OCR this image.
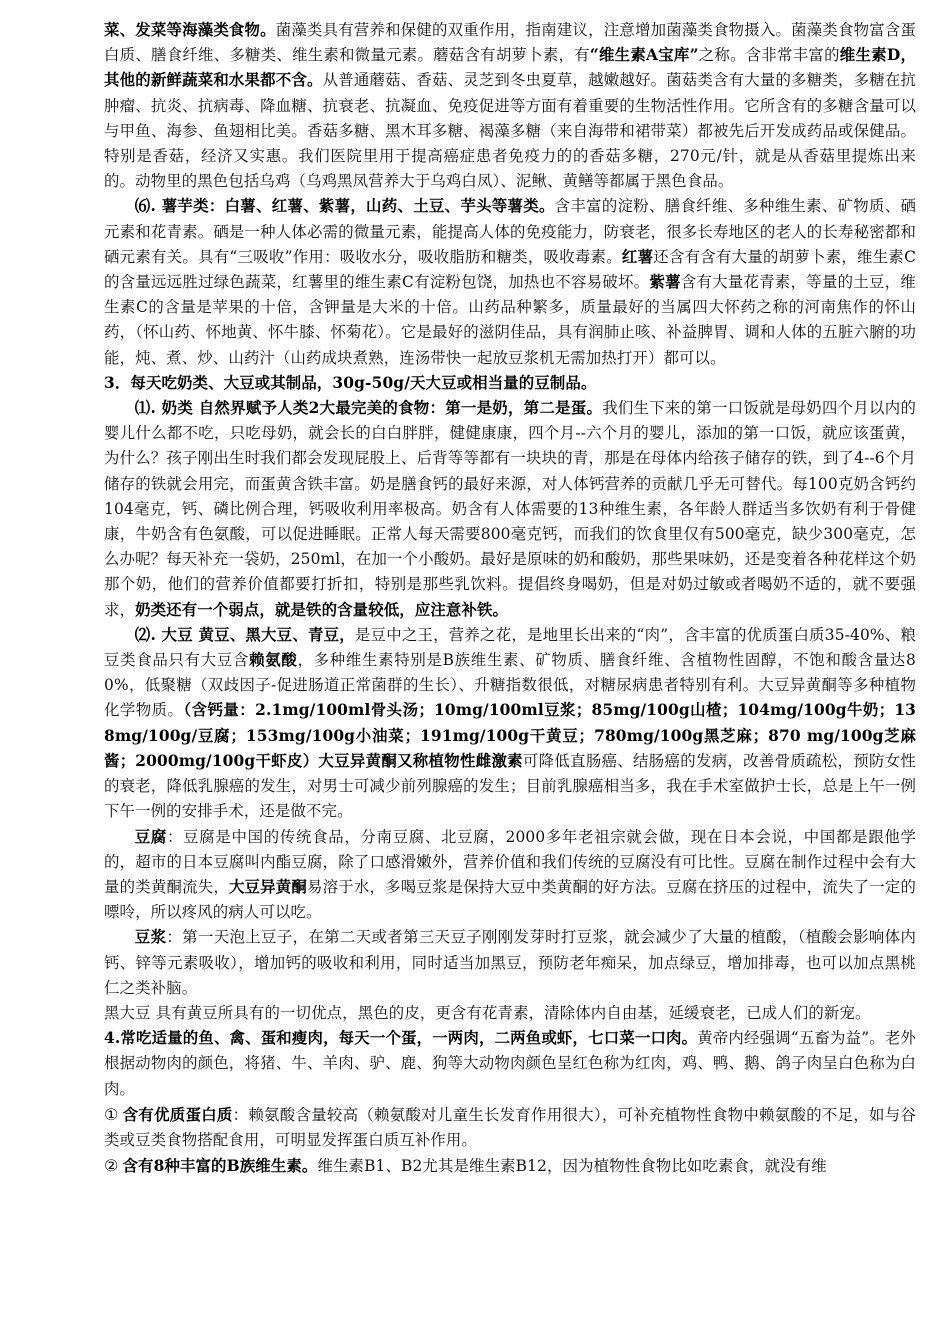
菜、发菜等海藻类食物。菌藻类具有营养和保健的双重作用，指南建议，注意增加菌藻类食物摄入。菌藻类食物富含蛋白质、膳食纤维、多糖类、维生素和微量元素。蘑菇含有胡萝卜素，有“维生素A宝库”之称。含非常丰富的维生素D，其他的新鲜蔬菜和水果都不含。从普通蘑菇、香菇、灵芝到冬虫夏草，越嫩越好。菌菇类含有大量的多糖类，多糖在抗肿瘤、抗炎、抗病毒、降血糖、抗衰老、抗凝血、免疫促进等方面有着重要的生物活性作用。它所含有的多糖含量可以与甲鱼、海参、鱼翅相比美。香菇多糖、黑木耳多糖、褐藻多糖（来自海带和裙带菜）都被先后开发成药品或保健品。特别是香菇，经济又实惠。我们医院里用于提高癌症患者免疫力的的香菇多糖，270元/针，就是从香菇里提炼出来的。动物里的黑色包括乌鸡（乌鸡黑凤营养大于乌鸡白凤）、泥鳅、黄鳝等都属于黑色食品。

⑹. 薯芋类：白薯、红薯、紫薯，山药、土豆、芋头等薯类。含丰富的淀粉、膳食纤维、多种维生素、矿物质、硒元素和花青素。硒是一种人体必需的微量元素，能提高人体的免疫能力，防衰老，很多长寿地区的老人的长寿秘密都和硒元素有关。具有“三吸收”作用：吸收水分，吸收脂肪和糖类，吸收毒素。红薯还含有含有大量的胡萝卜素，维生素C的含量远远胜过绿色蔬菜，红薯里的维生素C有淀粉包饶，加热也不容易破坏。紫薯含有大量花青素，等量的土豆，维生素C的含量是苹果的十倍，含钾量是大米的十倍。山药品种繁多，质量最好的当属四大怀药之称的河南焦作的怀山药，（怀山药、怀地黄、怀牛膝、怀菊花）。它是最好的滋阴佳品，具有润肺止咳、补益脾胃、调和人体的五脏六腑的功能，炖、煮、炒、山药汁（山药成块煮熟，连汤带快一起放豆浆机无需加热打开）都可以。

3．每天吃奶类、大豆或其制品，30g-50g/天大豆或相当量的豆制品。

⑴. 奶类 自然界赋予人类2大最完美的食物：第一是奶，第二是蛋。我们生下来的第一口饭就是母奶四个月以内的婴儿什么都不吃，只吃母奶，就会长的白白胖胖，健健康康，四个月--六个月的婴儿，添加的第一口饭，就应该蛋黄，为什么？孩子刚出生时我们都会发现屁股上、后背等等都有一块块的青，那是在母体内给孩子储存的铁，到了4--6个月储存的铁就会用完，而蛋黄含铁丰富。奶是膳食钙的最好来源，对人体钙营养的贡献几乎无可替代。每100克奶含钙约104毫克，钙、磷比例合理，钙吸收利用率极高。奶含有人体需要的13种维生素，各年龄人群适当多饮奶有利于骨健康，牛奶含有色氨酸，可以促进睡眠。正常人每天需要800毫克钙，而我们的饮食里仅有500毫克，缺少300毫克，怎么办呢？每天补充一袋奶，250ml，在加一个小酸奶。最好是原味的奶和酸奶，那些果味奶，还是变着各种花样这个奶那个奶，他们的营养价值都要打折扣，特别是那些乳饮料。提倡终身喝奶，但是对奶过敏或者喝奶不适的，就不要强求，奶类还有一个弱点，就是铁的含量较低，应注意补铁。

⑵. 大豆 黄豆、黑大豆、青豆，是豆中之王，营养之花，是地里长出来的“肉”，含丰富的优质蛋白质35-40%、粮豆类食品只有大豆含赖氨酸，多种维生素特别是B族维生素、矿物质、膳食纤维、含植物性固醇，不饱和酸含量达80%，低聚糖（双歧因子-促进肠道正常菌群的生长）、升糖指数很低，对糖尿病患者特别有利。大豆异黄酮等多种植物化学物质。（含钙量：2.1mg/100ml骨头汤；10mg/100ml豆浆；85mg/100g山楂；104mg/100g牛奶；138mg/100g/豆腐；153mg/100g小油菜；191mg/100g干黄豆；780mg/100g黑芝麻；870 mg/100g芝麻酱；2000mg/100g干虾皮）大豆异黄酮又称植物性雌激素可降低直肠癌、结肠癌的发病，改善骨质疏松，预防女性的衰老，降低乳腺癌的发生，对男士可减少前列腺癌的发生；目前乳腺癌相当多，我在手术室做护士长，总是上午一例下午一例的安排手术，还是做不完。

豆腐：豆腐是中国的传统食品，分南豆腐、北豆腐，2000多年老祖宗就会做，现在日本会说，中国都是跟他学的，超市的日本豆腐叫内酯豆腐，除了口感滑嫩外，营养价值和我们传统的豆腐没有可比性。豆腐在制作过程中会有大量的类黄酮流失，大豆异黄酮易溶于水，多喝豆浆是保持大豆中类黄酮的好方法。豆腐在挤压的过程中，流失了一定的嘌呤，所以疼风的病人可以吃。

豆浆：第一天泡上豆子，在第二天或者第三天豆子刚刚发芽时打豆浆，就会减少了大量的植酸，（植酸会影响体内钙、锌等元素吸收），增加钙的吸收和利用，同时适当加黑豆，预防老年痴呆，加点绿豆，增加排毒，也可以加点黑桃仁之类补脑。

黑大豆 具有黄豆所具有的一切优点，黑色的皮，更含有花青素，清除体内自由基，延缓衰老，已成人们的新宠。

4.常吃适量的鱼、禽、蛋和瘦肉，每天一个蛋，一两肉，二两鱼或虾，七口菜一口肉。黄帝内经强调“五畜为益”。老外根据动物肉的颜色，将猪、牛、羊肉、驴、鹿、狗等大动物肉颜色呈红色称为红肉，鸡、鸭、鹅、鸽子肉呈白色称为白肉。

① 含有优质蛋白质：赖氨酸含量较高（赖氨酸对儿童生长发育作用很大），可补充植物性食物中赖氨酸的不足，如与谷类或豆类食物搭配食用，可明显发挥蛋白质互补作用。

② 含有8种丰富的B族维生素。维生素B1、B2尤其是维生素B12，因为植物性食物比如吃素食，就没有维
